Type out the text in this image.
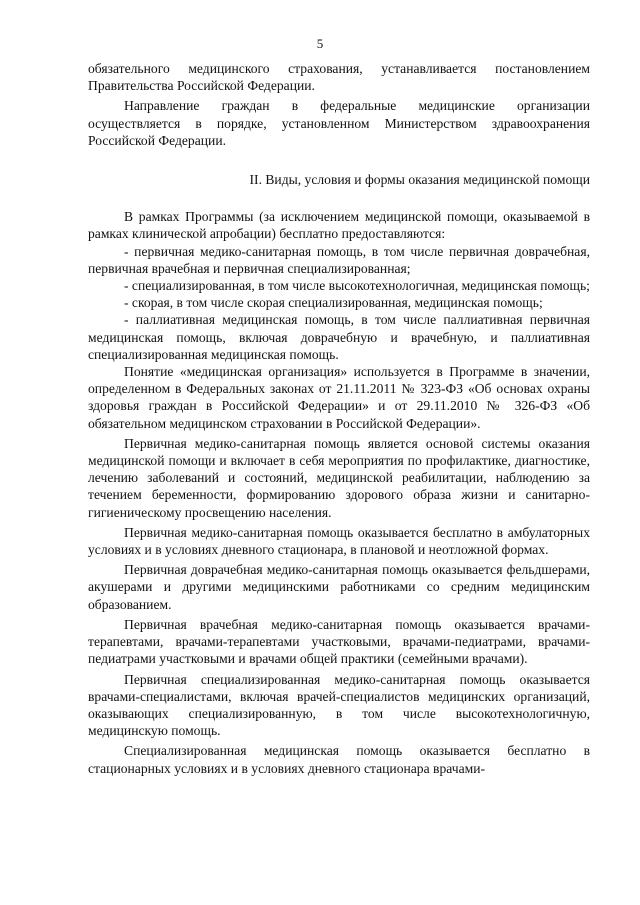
5

обязательного медицинского страхования, устанавливается постановлением Правительства Российской Федерации.

Направление граждан в федеральные медицинские организации осуществляется в порядке, установленном Министерством здравоохранения Российской Федерации.

II. Виды, условия и формы оказания медицинской помощи

В рамках Программы (за исключением медицинской помощи, оказываемой в рамках клинической апробации) бесплатно предоставляются:

- первичная медико-санитарная помощь, в том числе первичная доврачебная, первичная врачебная и первичная специализированная;

- специализированная, в том числе высокотехнологичная, медицинская помощь;

- скорая, в том числе скорая специализированная, медицинская помощь;

- паллиативная медицинская помощь, в том числе паллиативная первичная медицинская помощь, включая доврачебную и врачебную, и паллиативная специализированная медицинская помощь.

Понятие «медицинская организация» используется в Программе в значении, определенном в Федеральных законах от 21.11.2011 № 323-ФЗ «Об основах охраны здоровья граждан в Российской Федерации» и от 29.11.2010 № 326-ФЗ «Об обязательном медицинском страховании в Российской Федерации».

Первичная медико-санитарная помощь является основой системы оказания медицинской помощи и включает в себя мероприятия по профилактике, диагностике, лечению заболеваний и состояний, медицинской реабилитации, наблюдению за течением беременности, формированию здорового образа жизни и санитарно-гигиеническому просвещению населения.

Первичная медико-санитарная помощь оказывается бесплатно в амбулаторных условиях и в условиях дневного стационара, в плановой и неотложной формах.

Первичная доврачебная медико-санитарная помощь оказывается фельдшерами, акушерами и другими медицинскими работниками со средним медицинским образованием.

Первичная врачебная медико-санитарная помощь оказывается врачами-терапевтами, врачами-терапевтами участковыми, врачами-педиатрами, врачами-педиатрами участковыми и врачами общей практики (семейными врачами).

Первичная специализированная медико-санитарная помощь оказывается врачами-специалистами, включая врачей-специалистов медицинских организаций, оказывающих специализированную, в том числе высокотехнологичную, медицинскую помощь.

Специализированная медицинская помощь оказывается бесплатно в стационарных условиях и в условиях дневного стационара врачами-
